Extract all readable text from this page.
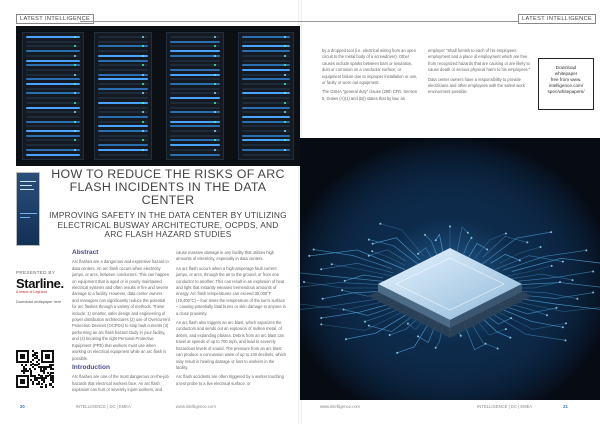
LATEST INTELLIGENCE
HOW TO REDUCE THE RISKS OF ARC FLASH INCIDENTS IN THE DATA CENTER
IMPROVING SAFETY IN THE DATA CENTER BY UTILIZING ELECTRICAL BUSWAY ARCHITECTURE, OCPDS, AND ARC FLASH HAZARD STUDIES
PRESENTED BY
Starline.
A brand of Legrand
Download whitepaper here
Abstract

Arc flashes are a dangerous and expensive hazard in data centers. An arc flash occurs when electricity jumps, or arcs, between conductors. This can happen on equipment that is aged or in poorly maintained electrical systems and often results in fire and severe damage to a facility. However, data center owners and managers can significantly reduce the potential for arc flashes through a variety of methods. These include: 1) smarter, safer design and engineering of power distribution architectures (2) use of Overcurrent Protection Devices (OCPDs) to stop fault currents (3) performing an arc flash hazard study in your facility, and (4) knowing the right Personal Protective Equipment (PPE) that workers must use when working on electrical equipment while an arc flash is possible.

Introduction

Arc flashes are one of the most dangerous on-the-job hazards that electrical workers face. An arc flash explosion can hurt or severely injure workers, and

cause massive damage in any facility that utilizes high amounts of electricity, especially in data centers.

An arc flash occurs when a high-amperage fault current jumps, or arcs, through the air to the ground, or from one conductor to another. This can result in an explosion of heat and light that instantly releases tremendous amounts of energy. Arc flash temperatures can exceed 35,000°F (19,400°C) – four times the temperature of the sun's surface – causing potentially fatal burns or skin damage to anyone in a close proximity.

An arc flash also triggers an arc blast, which vaporizes the conductors and sends out an explosion of molten metal, of debris, and expanding plasma. Debris from an arc blast can travel at speeds of up to 700 mph, and lead to severely hazardous levels of sound. The pressure from an arc blast can produce a concussion wave of up to 140 decibels, which may result in hearing damage or loss to workers in the facility.

Arc flash accidents are often triggered by a worker touching a test probe to a live electrical surface, or

20	INTELLIGENCE | DC | EMEA	www.intelligence.com
LATEST INTELLIGENCE

by a dropped tool (i.e. electrical wiring from an open circuit to the metal body of a screwdriver). Other causes include sparks between bars or insulation, dust or corrosion on a conductor surface, or equipment failure due to improper installation or use, or faulty or worn out equipment.

The OSHA "general duty" clause (29th CFR, Section 5, Duties (A)(1) and (B)) states that by law, an

employer "Shall furnish to each of his employees employment and a place of employment which are free from recognized hazards that are causing or are likely to cause death or serious physical harm to his employees."

Data center owners have a responsibility to provide electricians and other employees with the safest work environment possible.

Download
whitepaper
free from www.
intelligence.com/
spec/whitepapers/
www.intelligence.com	INTELLIGENCE | DC | EMEA	21
